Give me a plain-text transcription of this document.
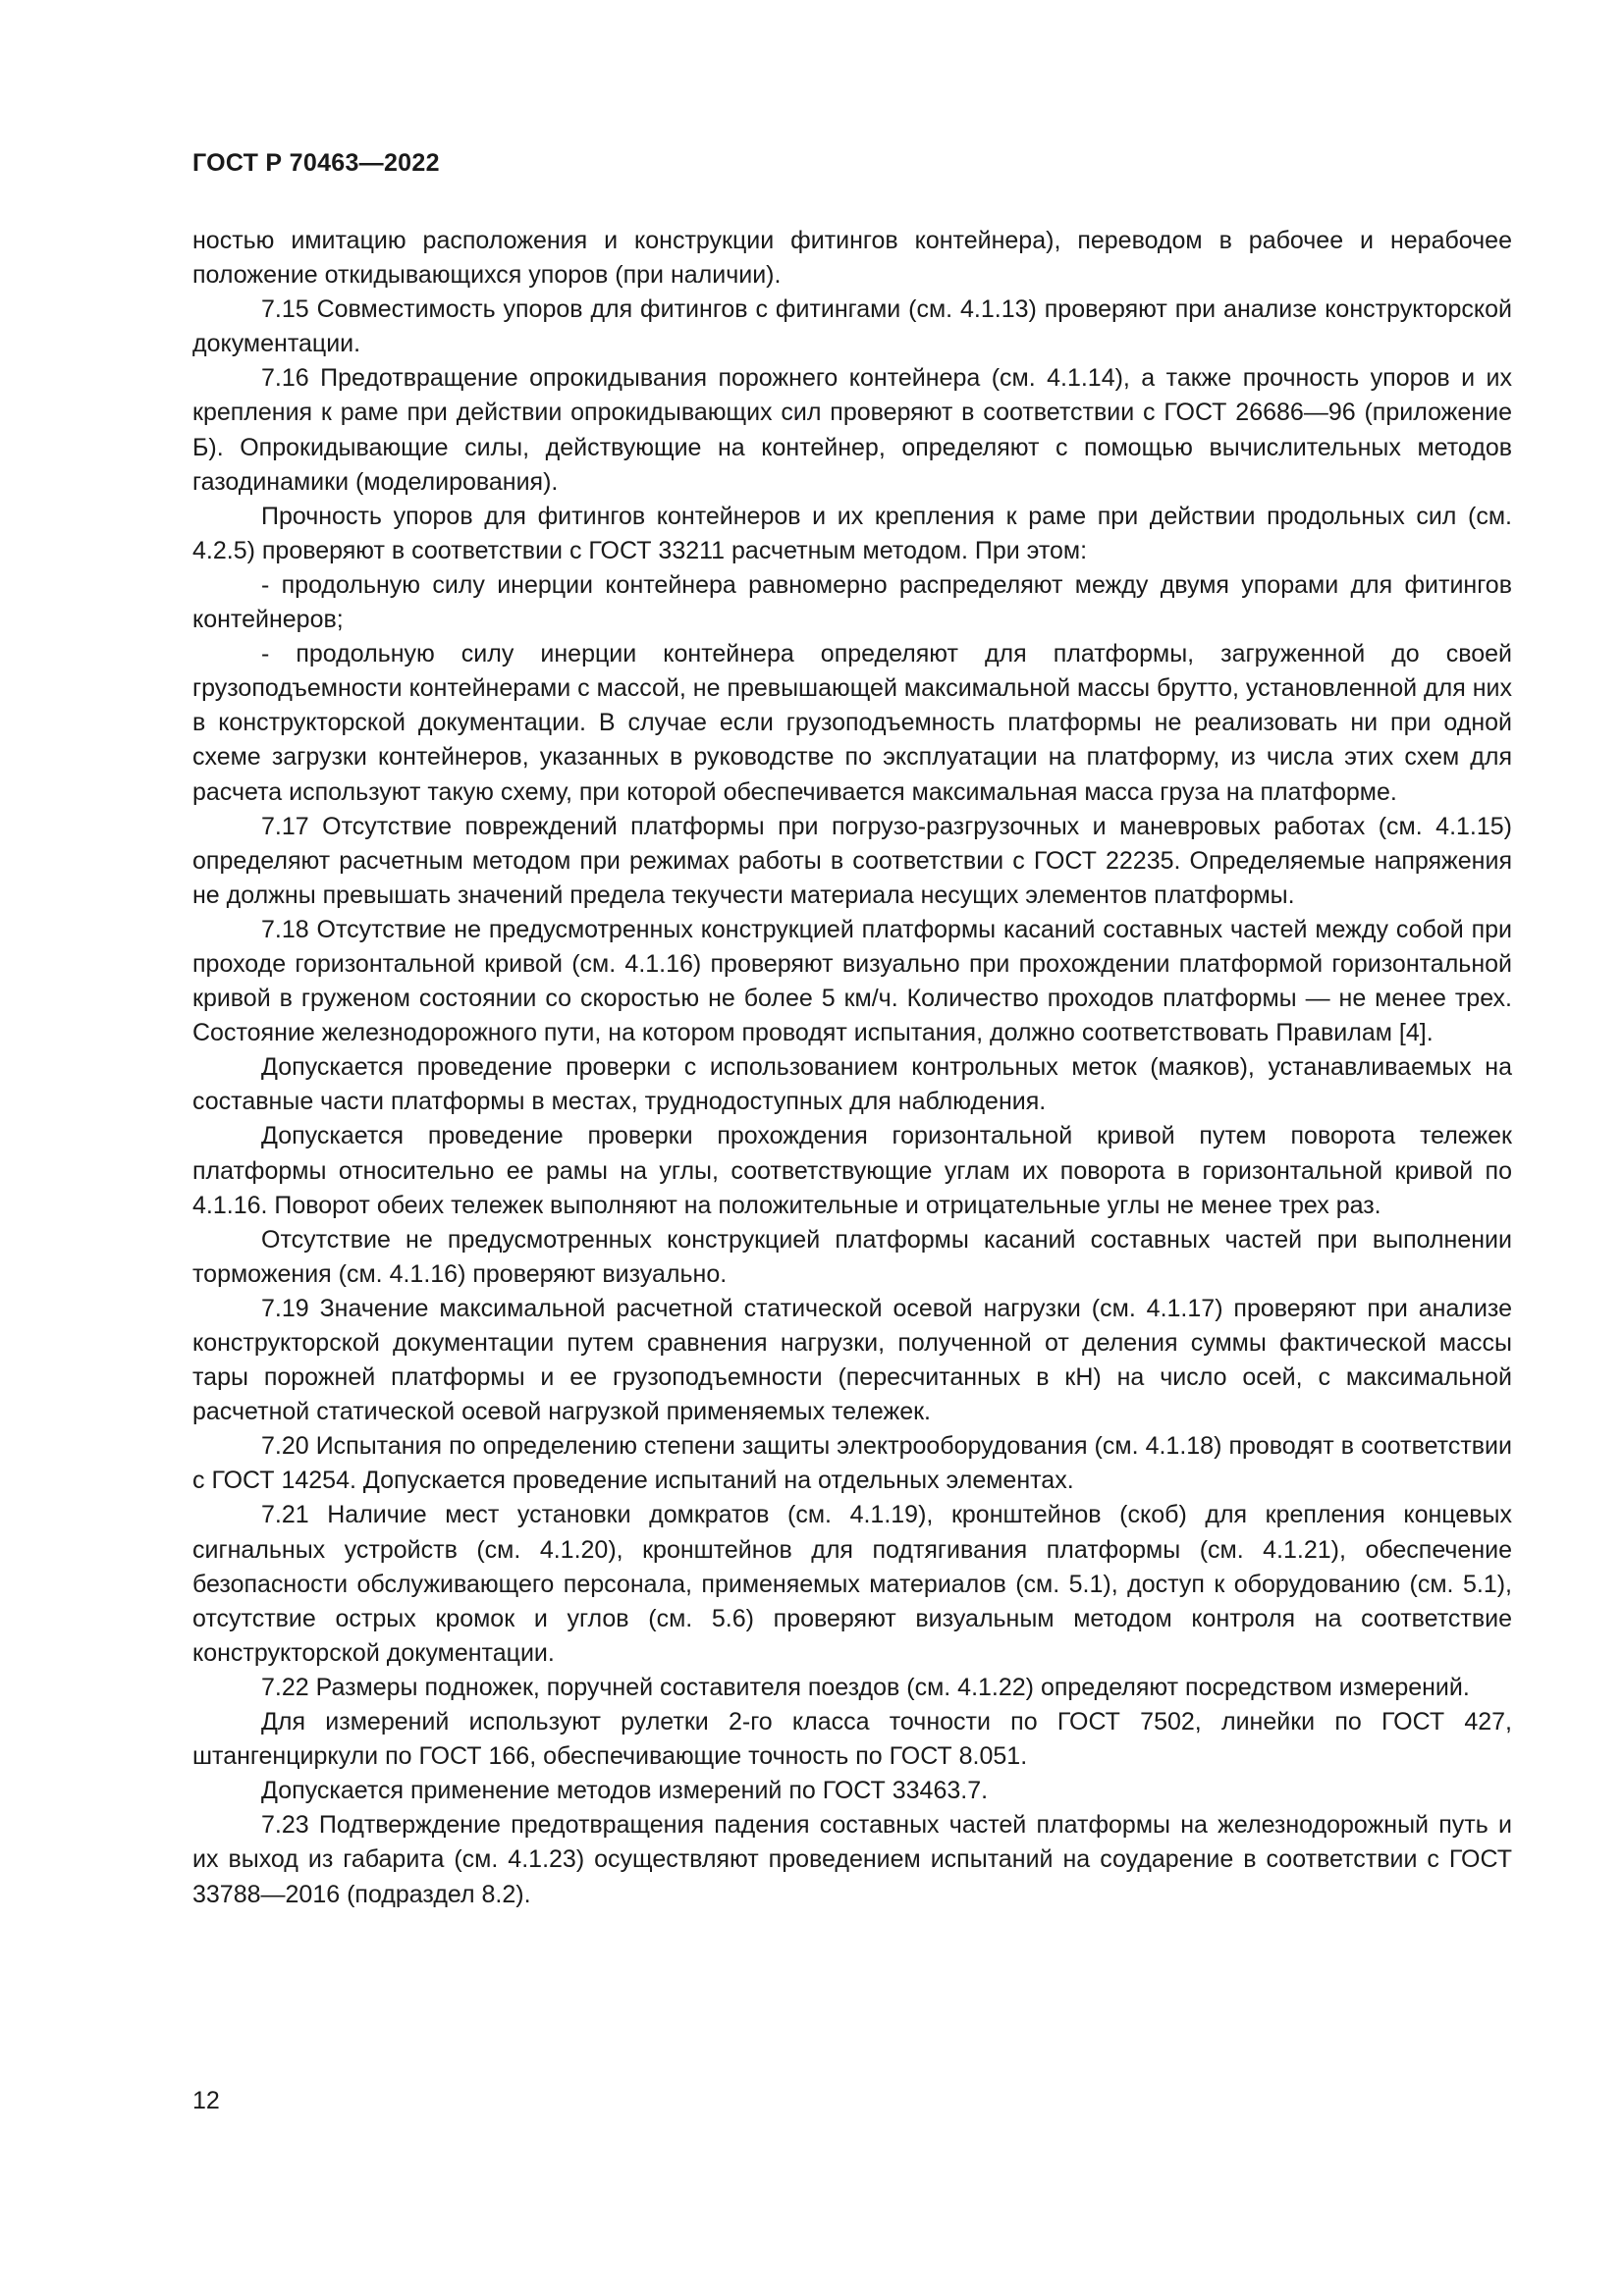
ГОСТ Р 70463—2022

ностью имитацию расположения и конструкции фитингов контейнера), переводом в рабочее и нерабочее положение откидывающихся упоров (при наличии).

7.15 Совместимость упоров для фитингов с фитингами (см. 4.1.13) проверяют при анализе конструкторской документации.

7.16 Предотвращение опрокидывания порожнего контейнера (см. 4.1.14), а также прочность упоров и их крепления к раме при действии опрокидывающих сил проверяют в соответствии с ГОСТ 26686—96 (приложение Б). Опрокидывающие силы, действующие на контейнер, определяют с помощью вычислительных методов газодинамики (моделирования).

Прочность упоров для фитингов контейнеров и их крепления к раме при действии продольных сил (см. 4.2.5) проверяют в соответствии с ГОСТ 33211 расчетным методом. При этом:

- продольную силу инерции контейнера равномерно распределяют между двумя упорами для фитингов контейнеров;

- продольную силу инерции контейнера определяют для платформы, загруженной до своей грузоподъемности контейнерами с массой, не превышающей максимальной массы брутто, установленной для них в конструкторской документации. В случае если грузоподъемность платформы не реализовать ни при одной схеме загрузки контейнеров, указанных в руководстве по эксплуатации на платформу, из числа этих схем для расчета используют такую схему, при которой обеспечивается максимальная масса груза на платформе.

7.17 Отсутствие повреждений платформы при погрузо-разгрузочных и маневровых работах (см. 4.1.15) определяют расчетным методом при режимах работы в соответствии с ГОСТ 22235. Определяемые напряжения не должны превышать значений предела текучести материала несущих элементов платформы.

7.18 Отсутствие не предусмотренных конструкцией платформы касаний составных частей между собой при проходе горизонтальной кривой (см. 4.1.16) проверяют визуально при прохождении платформой горизонтальной кривой в груженом состоянии со скоростью не более 5 км/ч. Количество проходов платформы — не менее трех. Состояние железнодорожного пути, на котором проводят испытания, должно соответствовать Правилам [4].

Допускается проведение проверки с использованием контрольных меток (маяков), устанавливаемых на составные части платформы в местах, труднодоступных для наблюдения.

Допускается проведение проверки прохождения горизонтальной кривой путем поворота тележек платформы относительно ее рамы на углы, соответствующие углам их поворота в горизонтальной кривой по 4.1.16. Поворот обеих тележек выполняют на положительные и отрицательные углы не менее трех раз.

Отсутствие не предусмотренных конструкцией платформы касаний составных частей при выполнении торможения (см. 4.1.16) проверяют визуально.

7.19 Значение максимальной расчетной статической осевой нагрузки (см. 4.1.17) проверяют при анализе конструкторской документации путем сравнения нагрузки, полученной от деления суммы фактической массы тары порожней платформы и ее грузоподъемности (пересчитанных в кН) на число осей, с максимальной расчетной статической осевой нагрузкой применяемых тележек.

7.20 Испытания по определению степени защиты электрооборудования (см. 4.1.18) проводят в соответствии с ГОСТ 14254. Допускается проведение испытаний на отдельных элементах.

7.21 Наличие мест установки домкратов (см. 4.1.19), кронштейнов (скоб) для крепления концевых сигнальных устройств (см. 4.1.20), кронштейнов для подтягивания платформы (см. 4.1.21), обеспечение безопасности обслуживающего персонала, применяемых материалов (см. 5.1), доступ к оборудованию (см. 5.1), отсутствие острых кромок и углов (см. 5.6) проверяют визуальным методом контроля на соответствие конструкторской документации.

7.22 Размеры подножек, поручней составителя поездов (см. 4.1.22) определяют посредством измерений.

Для измерений используют рулетки 2-го класса точности по ГОСТ 7502, линейки по ГОСТ 427, штангенциркули по ГОСТ 166, обеспечивающие точность по ГОСТ 8.051.

Допускается применение методов измерений по ГОСТ 33463.7.

7.23 Подтверждение предотвращения падения составных частей платформы на железнодорожный путь и их выход из габарита (см. 4.1.23) осуществляют проведением испытаний на соударение в соответствии с ГОСТ 33788—2016 (подраздел 8.2).

12
